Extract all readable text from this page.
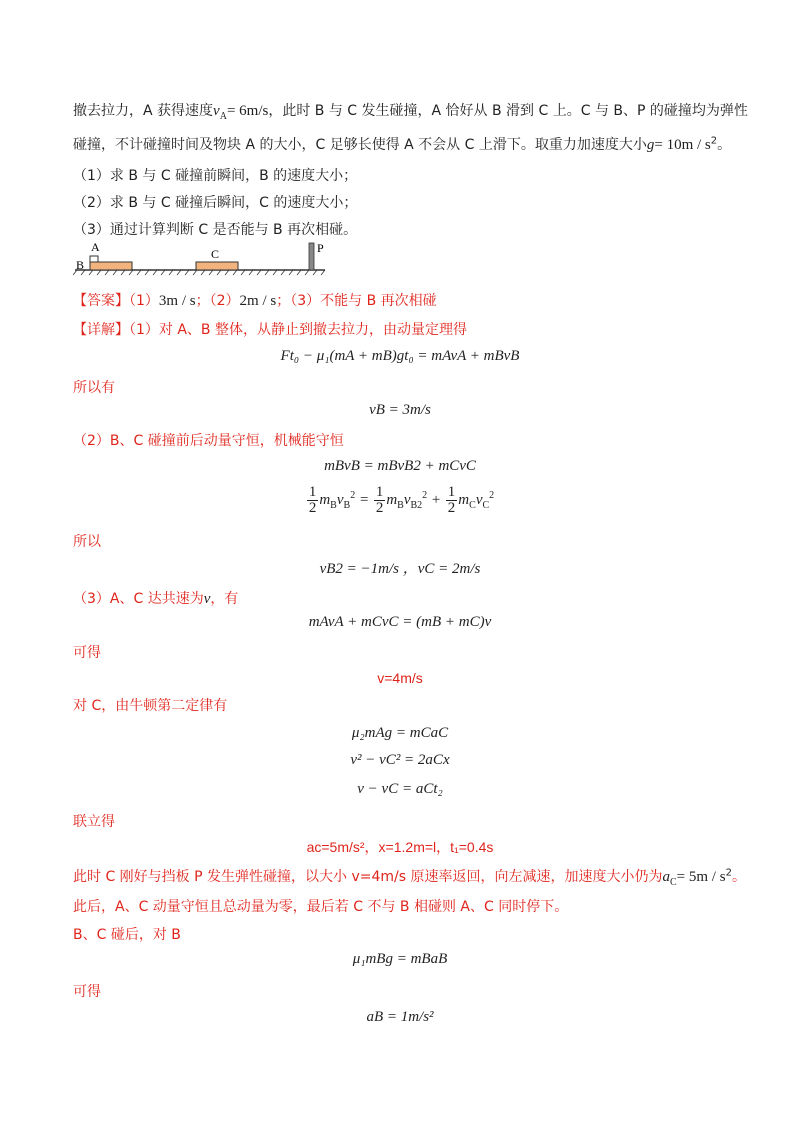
撤去拉力，A 获得速度$v_A= 6m/s$，此时 B 与 C 发生碰撞，A 恰好从 B 滑到 C 上。C 与 B、P 的碰撞均为弹性
碰撞，不计碰撞时间及物块 A 的大小，C 足够长使得 A 不会从 C 上滑下。取重力加速度大小$g= 10m / s^2$。
（1）求 B 与 C 碰撞前瞬间，B 的速度大小；
（2）求 B 与 C 碰撞后瞬间，C 的速度大小；
（3）通过计算判断 C 是否能与 B 再次相碰。
A
B
C	P
【答案】（1）3m / s；（2）2m / s；（3）不能与 B 再次相碰
【详解】（1）对 A、B 整体，从静止到撤去拉力，由动量定理得
Ft₀ − μ₁(mA + mB)gt₀ = mAvA + mBvB
所以有
vB = 3m/s
（2）B、C 碰撞前后动量守恒，机械能守恒
mBvB = mBvB2 + mCvC
$\frac{1}{2} m_Bv_B^2 = \frac{1}{2} m_Bv_{B2}^2 + \frac{1}{2} m_Cv_C^2$
所以
vB2 = −1m/s ，vC = 2m/s
（3）A、C 达共速为v，有
mAvA + mCvC = (mB + mC)v
可得
v=4m/s
对 C，由牛顿第二定律有
μ₂mAg = mCaC
v² − vC² = 2aCx
v − vC = aCt₂
联立得
ac=5m/s²，x=1.2m=l，t₁=0.4s
此时 C 刚好与挡板 P 发生弹性碰撞，以大小 v=4m/s 原速率返回，向左减速，加速度大小仍为$a_C= 5m / s^2$。
此后，A、C 动量守恒且总动量为零，最后若 C 不与 B 相碰则 A、C 同时停下。
B、C 碰后，对 B
μ₁mBg = mBaB
可得
aB = 1m/s²
